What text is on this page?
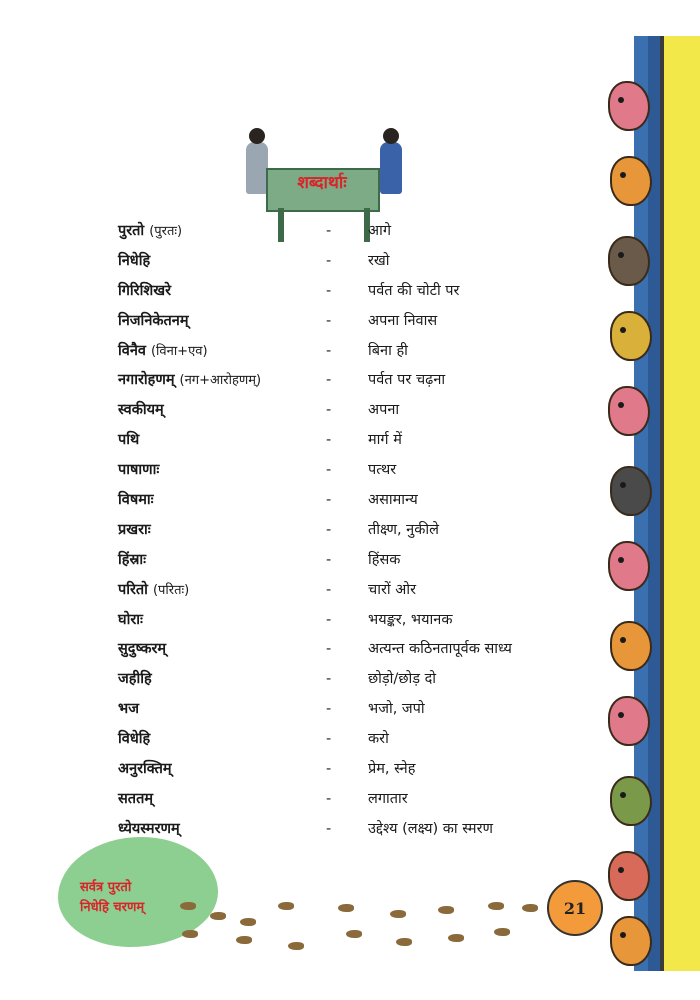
शब्दार्थाः
पुरतो (पुरतः)	-	आगे
निधेहि	-	रखो
गिरिशिखरे	-	पर्वत की चोटी पर
निजनिकेतनम्	-	अपना निवास
विनैव (विना+एव)	-	बिना ही
नगारोहणम् (नग+आरोहणम्)	-	पर्वत पर चढ़ना
स्वकीयम्	-	अपना
पथि	-	मार्ग में
पाषाणाः	-	पत्थर
विषमाः	-	असामान्य
प्रखराः	-	तीक्ष्ण, नुकीले
हिंस्राः	-	हिंसक
परितो (परितः)	-	चारों ओर
घोराः	-	भयङ्कर, भयानक
सुदुष्करम्	-	अत्यन्त कठिनतापूर्वक साध्य
जहीहि	-	छोड़ो/छोड़ दो
भज	-	भजो, जपो
विधेहि	-	करो
अनुरक्तिम्	-	प्रेम, स्नेह
सततम्	-	लगातार
ध्येयस्मरणम्	-	उद्देश्य (लक्ष्य) का स्मरण
सर्वत्र पुरतो
निधेहि चरणम्	21
